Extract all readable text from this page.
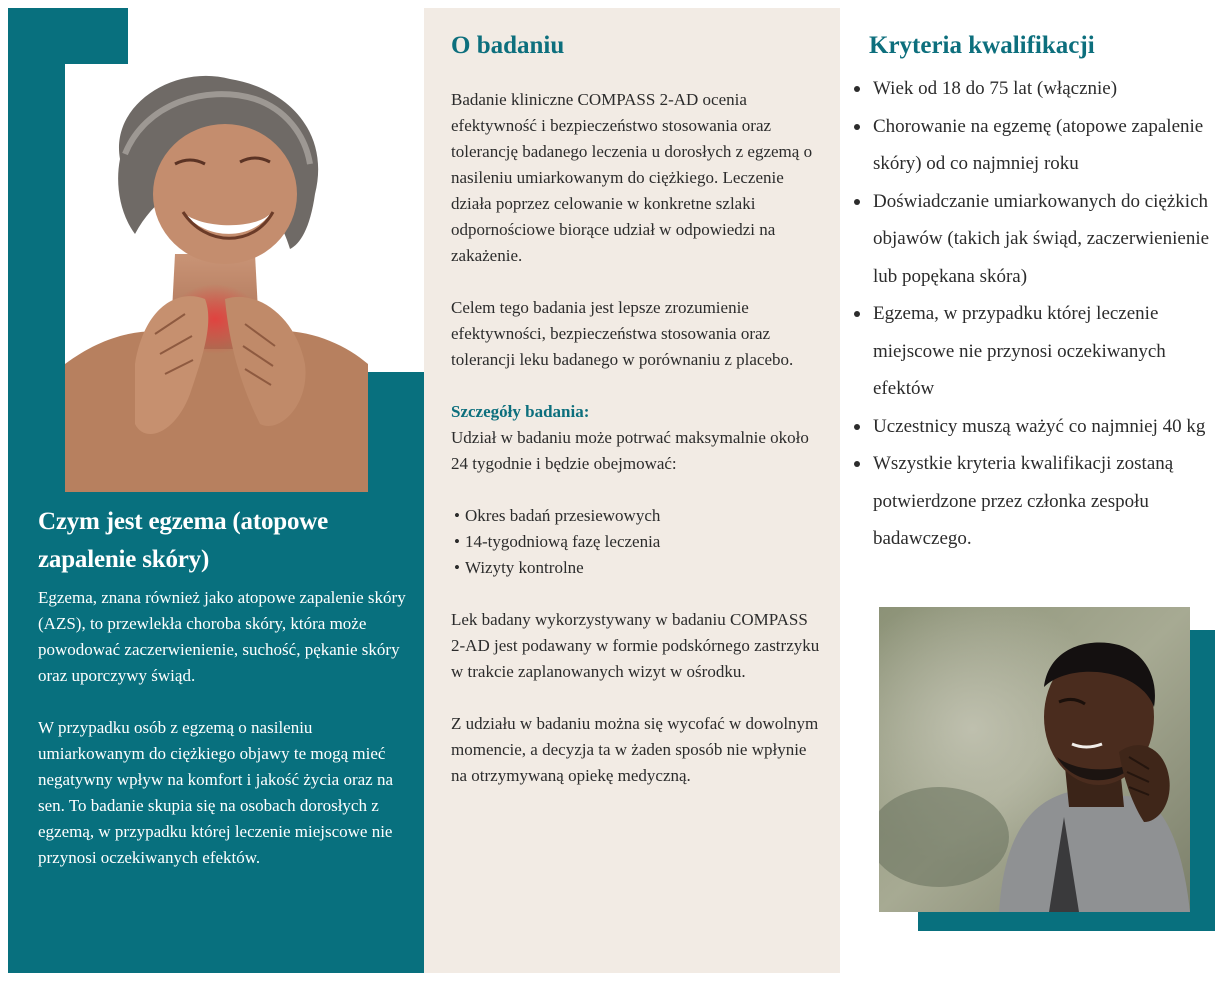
Czym jest egzema (atopowe zapalenie skóry)

Egzema, znana również jako atopowe zapalenie skóry (AZS), to przewlekła choroba skóry, która może powodować zaczerwienienie, suchość, pękanie skóry oraz uporczywy świąd.

W przypadku osób z egzemą o nasileniu umiarkowanym do ciężkiego objawy te mogą mieć negatywny wpływ na komfort i jakość życia oraz na sen. To badanie skupia się na osobach dorosłych z egzemą, w przypadku której leczenie miejscowe nie przynosi oczekiwanych efektów.

O badaniu

Badanie kliniczne COMPASS 2-AD ocenia efektywność i bezpieczeństwo stosowania oraz tolerancję badanego leczenia u dorosłych z egzemą o nasileniu umiarkowanym do ciężkiego. Leczenie działa poprzez celowanie w konkretne szlaki odpornościowe biorące udział w odpowiedzi na zakażenie.

Celem tego badania jest lepsze zrozumienie efektywności, bezpieczeństwa stosowania oraz tolerancji leku badanego w porównaniu z placebo.

Szczegóły badania:

Udział w badaniu może potrwać maksymalnie około 24 tygodnie i będzie obejmować:

• Okres badań przesiewowych
• 14-tygodniową fazę leczenia
• Wizyty kontrolne

Lek badany wykorzystywany w badaniu COMPASS 2-AD jest podawany w formie podskórnego zastrzyku w trakcie zaplanowanych wizyt w ośrodku.

Z udziału w badaniu można się wycofać w dowolnym momencie, a decyzja ta w żaden sposób nie wpłynie na otrzymywaną opiekę medyczną.

Kryteria kwalifikacji
Wiek od 18 do 75 lat (włącznie)
Chorowanie na egzemę (atopowe zapalenie skóry) od co najmniej roku
Doświadczanie umiarkowanych do ciężkich objawów (takich jak świąd, zaczerwienienie lub popękana skóra)
Egzema, w przypadku której leczenie miejscowe nie przynosi oczekiwanych efektów
Uczestnicy muszą ważyć co najmniej 40 kg
Wszystkie kryteria kwalifikacji zostaną potwierdzone przez członka zespołu badawczego.
